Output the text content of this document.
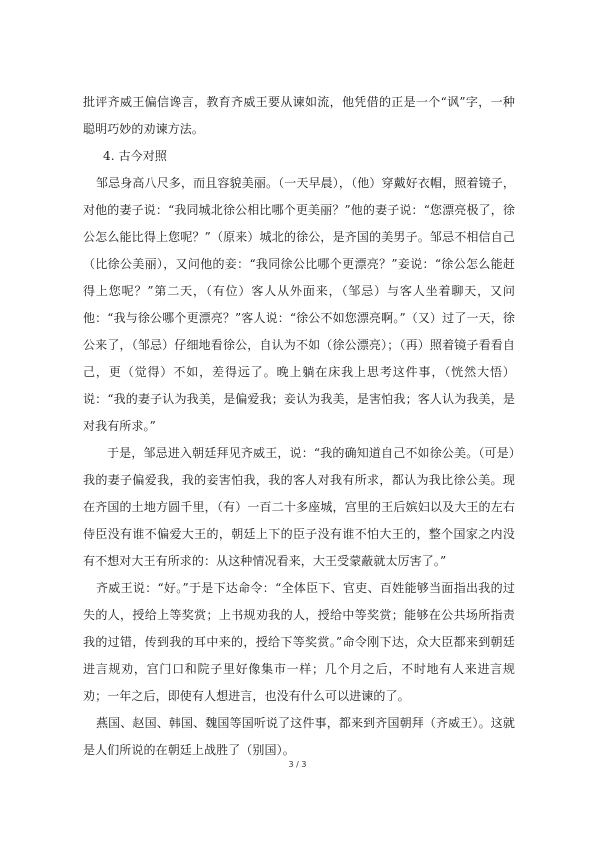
批评齐威王偏信谗言，教育齐威王要从谏如流，他凭借的正是一个“讽”字，一种聪明巧妙的劝谏方法。

4. 古今对照

邹忌身高八尺多，而且容貌美丽。（一天早晨），（他）穿戴好衣帽，照着镜子，对他的妻子说：“我同城北徐公相比哪个更美丽？”他的妻子说：“您漂亮极了，徐公怎么能比得上您呢？”（原来）城北的徐公，是齐国的美男子。邹忌不相信自己（比徐公美丽），又问他的妾：“我同徐公比哪个更漂亮？”妾说：“徐公怎么能赶得上您呢？”第二天，（有位）客人从外面来，（邹忌）与客人坐着聊天，又问他：“我与徐公哪个更漂亮？”客人说：“徐公不如您漂亮啊。”（又）过了一天，徐公来了，（邹忌）仔细地看徐公，自认为不如（徐公漂亮）；（再）照着镜子看看自己，更（觉得）不如，差得远了。晚上躺在床我上思考这件事，（恍然大悟）说：“我的妻子认为我美，是偏爱我；妾认为我美，是害怕我；客人认为我美，是对我有所求。”

于是，邹忌进入朝廷拜见齐威王，说：“我的确知道自己不如徐公美。（可是）我的妻子偏爱我，我的妾害怕我，我的客人对我有所求，都认为我比徐公美。现在齐国的土地方圆千里，（有）一百二十多座城，宫里的王后嫔妇以及大王的左右侍臣没有谁不偏爱大王的，朝廷上下的臣子没有谁不怕大王的，整个国家之内没有不想对大王有所求的：从这种情况看来，大王受蒙蔽就太厉害了。”

齐威王说：“好。”于是下达命令：“全体臣下、官吏、百姓能够当面指出我的过失的人，授给上等奖赏；上书规劝我的人，授给中等奖赏；能够在公共场所指责我的过错，传到我的耳中来的，授给下等奖赏。”命令刚下达，众大臣都来到朝廷进言规劝，宫门口和院子里好像集市一样；几个月之后，不时地有人来进言规劝；一年之后，即使有人想进言，也没有什么可以进谏的了。

燕国、赵国、韩国、魏国等国听说了这件事，都来到齐国朝拜（齐威王）。这就是人们所说的在朝廷上战胜了（别国）。

3 / 3
